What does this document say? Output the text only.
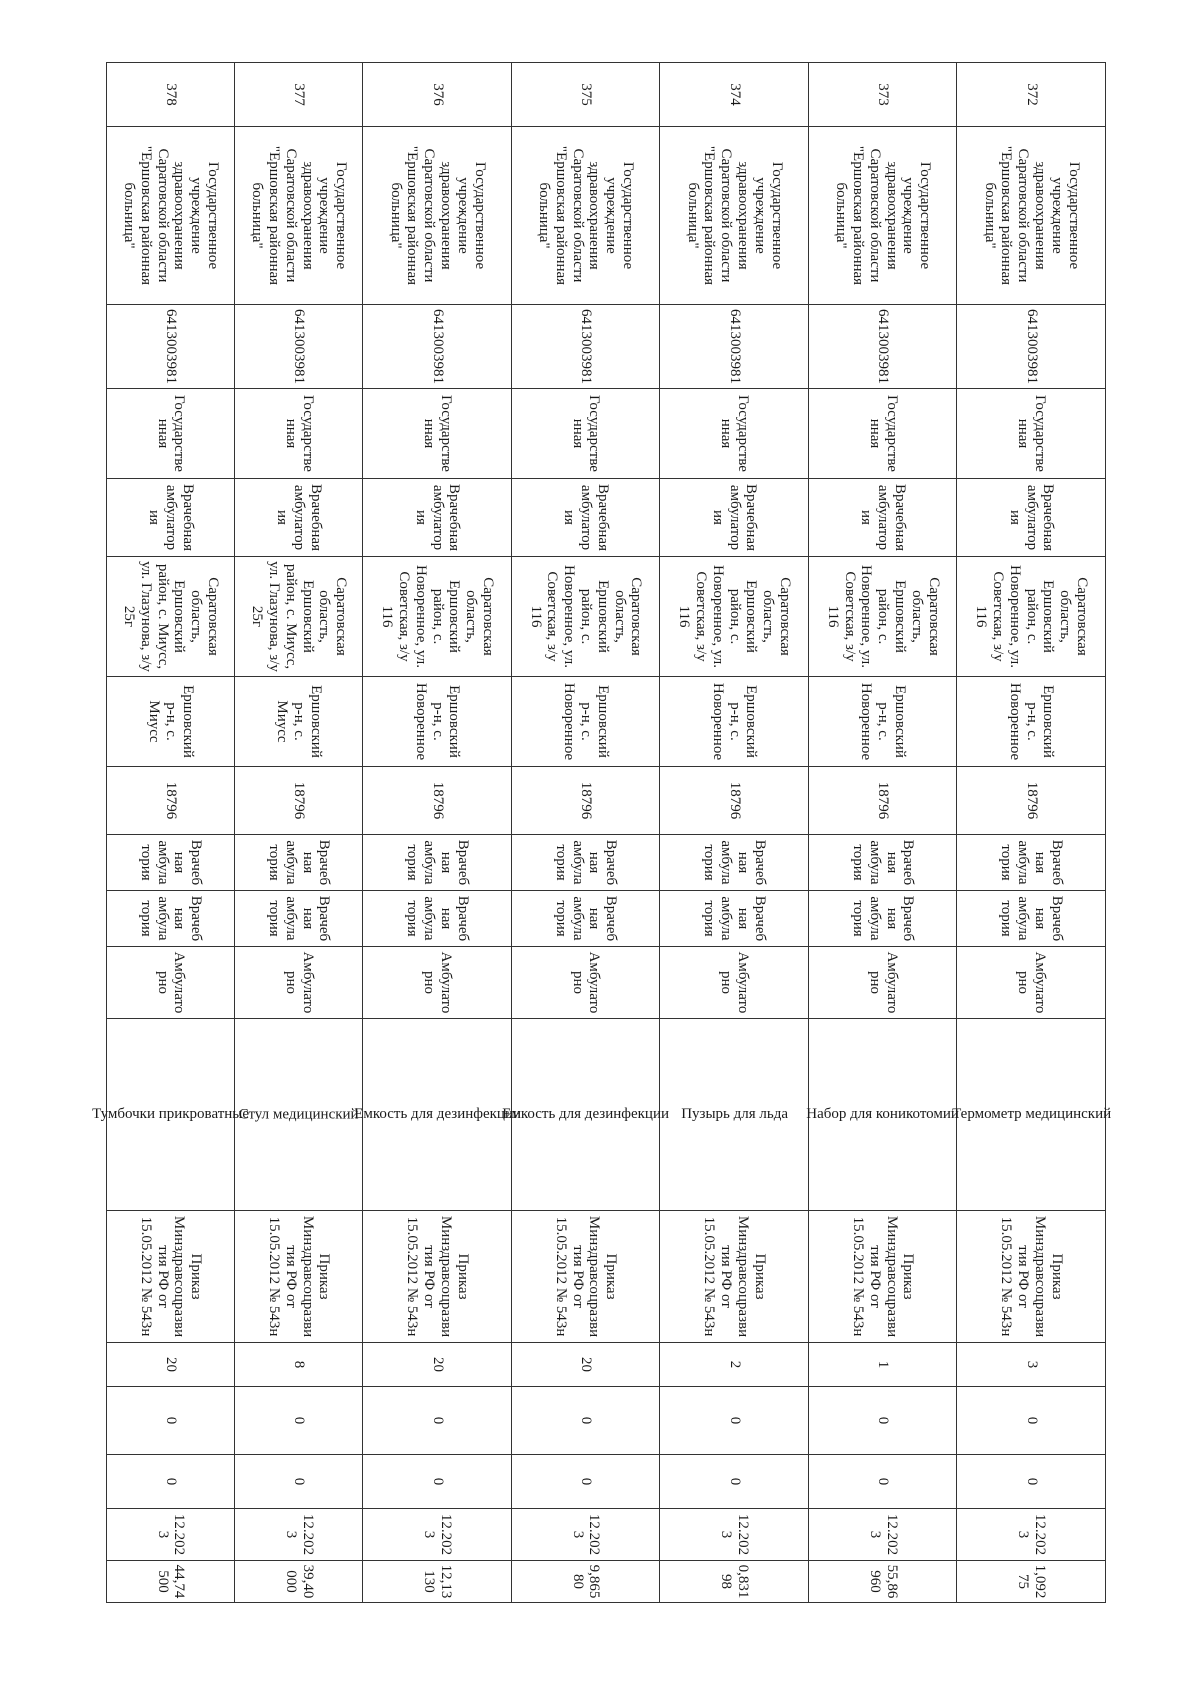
372	Государственное учреждение здравоохранения Саратовской области "Ершовская районная больница"	6413003981	Государственная	Врачебная амбулатория	Саратовская область, Ершовский район, с. Новоренное, ул. Советская, з/у 116	Ершовский р-н, с. Новоренное	18796	Врачебная амбулатория	Врачебная амбулатория	Амбулаторно	Термометр медицинский	Приказ Минздравсоцразвития РФ от 15.05.2012 № 543н	3	0	0	12.2023	1,09275
373	Государственное учреждение здравоохранения Саратовской области "Ершовская районная больница"	6413003981	Государственная	Врачебная амбулатория	Саратовская область, Ершовский район, с. Новоренное, ул. Советская, з/у 116	Ершовский р-н, с. Новоренное	18796	Врачебная амбулатория	Врачебная амбулатория	Амбулаторно	Набор для коникотомии	Приказ Минздравсоцразвития РФ от 15.05.2012 № 543н	1	0	0	12.2023	55,86960
374	Государственное учреждение здравоохранения Саратовской области "Ершовская районная больница"	6413003981	Государственная	Врачебная амбулатория	Саратовская область, Ершовский район, с. Новоренное, ул. Советская, з/у 116	Ершовский р-н, с. Новоренное	18796	Врачебная амбулатория	Врачебная амбулатория	Амбулаторно	Пузырь для льда	Приказ Минздравсоцразвития РФ от 15.05.2012 № 543н	2	0	0	12.2023	0,83198
375	Государственное учреждение здравоохранения Саратовской области "Ершовская районная больница"	6413003981	Государственная	Врачебная амбулатория	Саратовская область, Ершовский район, с. Новоренное, ул. Советская, з/у 116	Ершовский р-н, с. Новоренное	18796	Врачебная амбулатория	Врачебная амбулатория	Амбулаторно	Емкость для дезинфекции	Приказ Минздравсоцразвития РФ от 15.05.2012 № 543н	20	0	0	12.2023	9,86580
376	Государственное учреждение здравоохранения Саратовской области "Ершовская районная больница"	6413003981	Государственная	Врачебная амбулатория	Саратовская область, Ершовский район, с. Новоренное, ул. Советская, з/у 116	Ершовский р-н, с. Новоренное	18796	Врачебная амбулатория	Врачебная амбулатория	Амбулаторно	Емкость для дезинфекции	Приказ Минздравсоцразвития РФ от 15.05.2012 № 543н	20	0	0	12.2023	12,13130
377	Государственное учреждение здравоохранения Саратовской области "Ершовская районная больница"	6413003981	Государственная	Врачебная амбулатория	Саратовская область, Ершовский район, с. Миусс, ул. Глазунова, з/у 25г	Ершовский р-н, с. Миусс	18796	Врачебная амбулатория	Врачебная амбулатория	Амбулаторно	Стул медицинский	Приказ Минздравсоцразвития РФ от 15.05.2012 № 543н	8	0	0	12.2023	39,40000
378	Государственное учреждение здравоохранения Саратовской области "Ершовская районная больница"	6413003981	Государственная	Врачебная амбулатория	Саратовская область, Ершовский район, с. Миусс, ул. Глазунова, з/у 25г	Ершовский р-н, с. Миусс	18796	Врачебная амбулатория	Врачебная амбулатория	Амбулаторно	Тумбочки прикроватные	Приказ Минздравсоцразвития РФ от 15.05.2012 № 543н	20	0	0	12.2023	44,74500
